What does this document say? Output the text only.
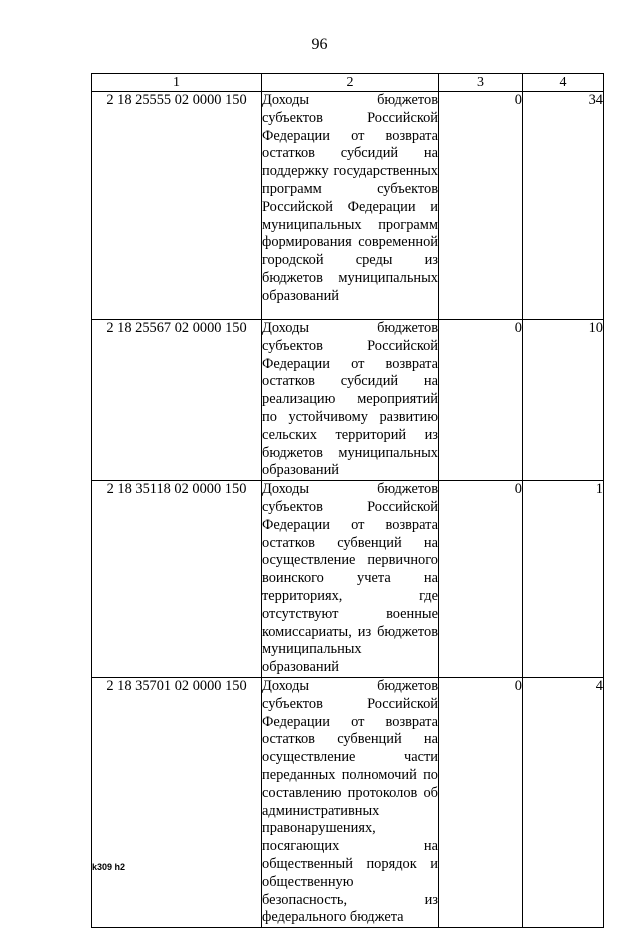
96
1	2	3	4
2 18 25555 02 0000 150	Доходы бюджетов субъектов Российской Федерации от возврата остатков субсидий на поддержку государственных программ субъектов Российской Федерации и муниципальных программ формирования современной городской среды из бюджетов муниципальных образований	0	34
2 18 25567 02 0000 150	Доходы бюджетов субъектов Российской Федерации от возврата остатков субсидий на реализацию мероприятий по устойчивому развитию сельских территорий из бюджетов муниципальных образований	0	10
2 18 35118 02 0000 150	Доходы бюджетов субъектов Российской Федерации от возврата остатков субвенций на осуществление первичного воинского учета на территориях, где отсутствуют военные комиссариаты, из бюджетов муниципальных образований	0	1
2 18 35701 02 0000 150	Доходы бюджетов субъектов Российской Федерации от возврата остатков субвенций на осуществление части переданных полномочий по составлению протоколов об административных правонарушениях, посягающих на общественный порядок и общественную безопасность, из федерального бюджета	0	4
k309 h2
